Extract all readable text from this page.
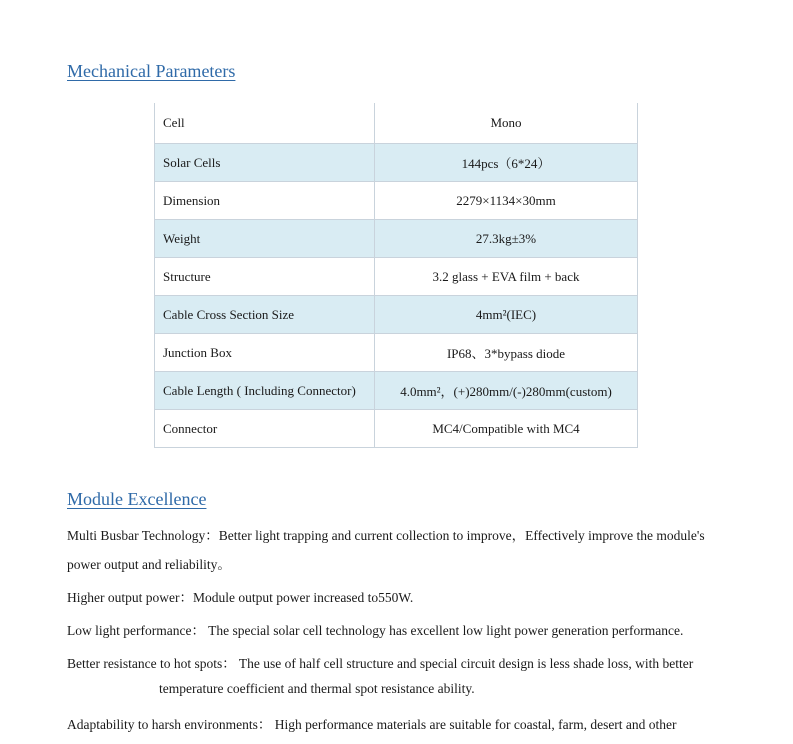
Mechanical Parameters
Cell	Mono
Solar Cells	144pcs（6*24）
Dimension	2279×1134×30mm
Weight	27.3kg±3%
Structure	3.2 glass + EVA film + back
Cable Cross Section Size	4mm²(IEC)
Junction Box	IP68、3*bypass diode
Cable Length ( Including Connector)	4.0mm²，(+)280mm/(-)280mm(custom)
Connector	MC4/Compatible with MC4
Module Excellence
Multi Busbar Technology：Better light trapping and current collection to improve，Effectively improve the module's
power output and reliability。
Higher output power：Module output power increased to550W.
Low light performance： The special solar cell technology has excellent low light power generation performance.
Better resistance to hot spots： The use of half cell structure and special circuit design is less shade loss, with better
temperature coefficient and thermal spot resistance ability.
Adaptability to harsh environments： High performance materials are suitable for coastal, farm, desert and other
